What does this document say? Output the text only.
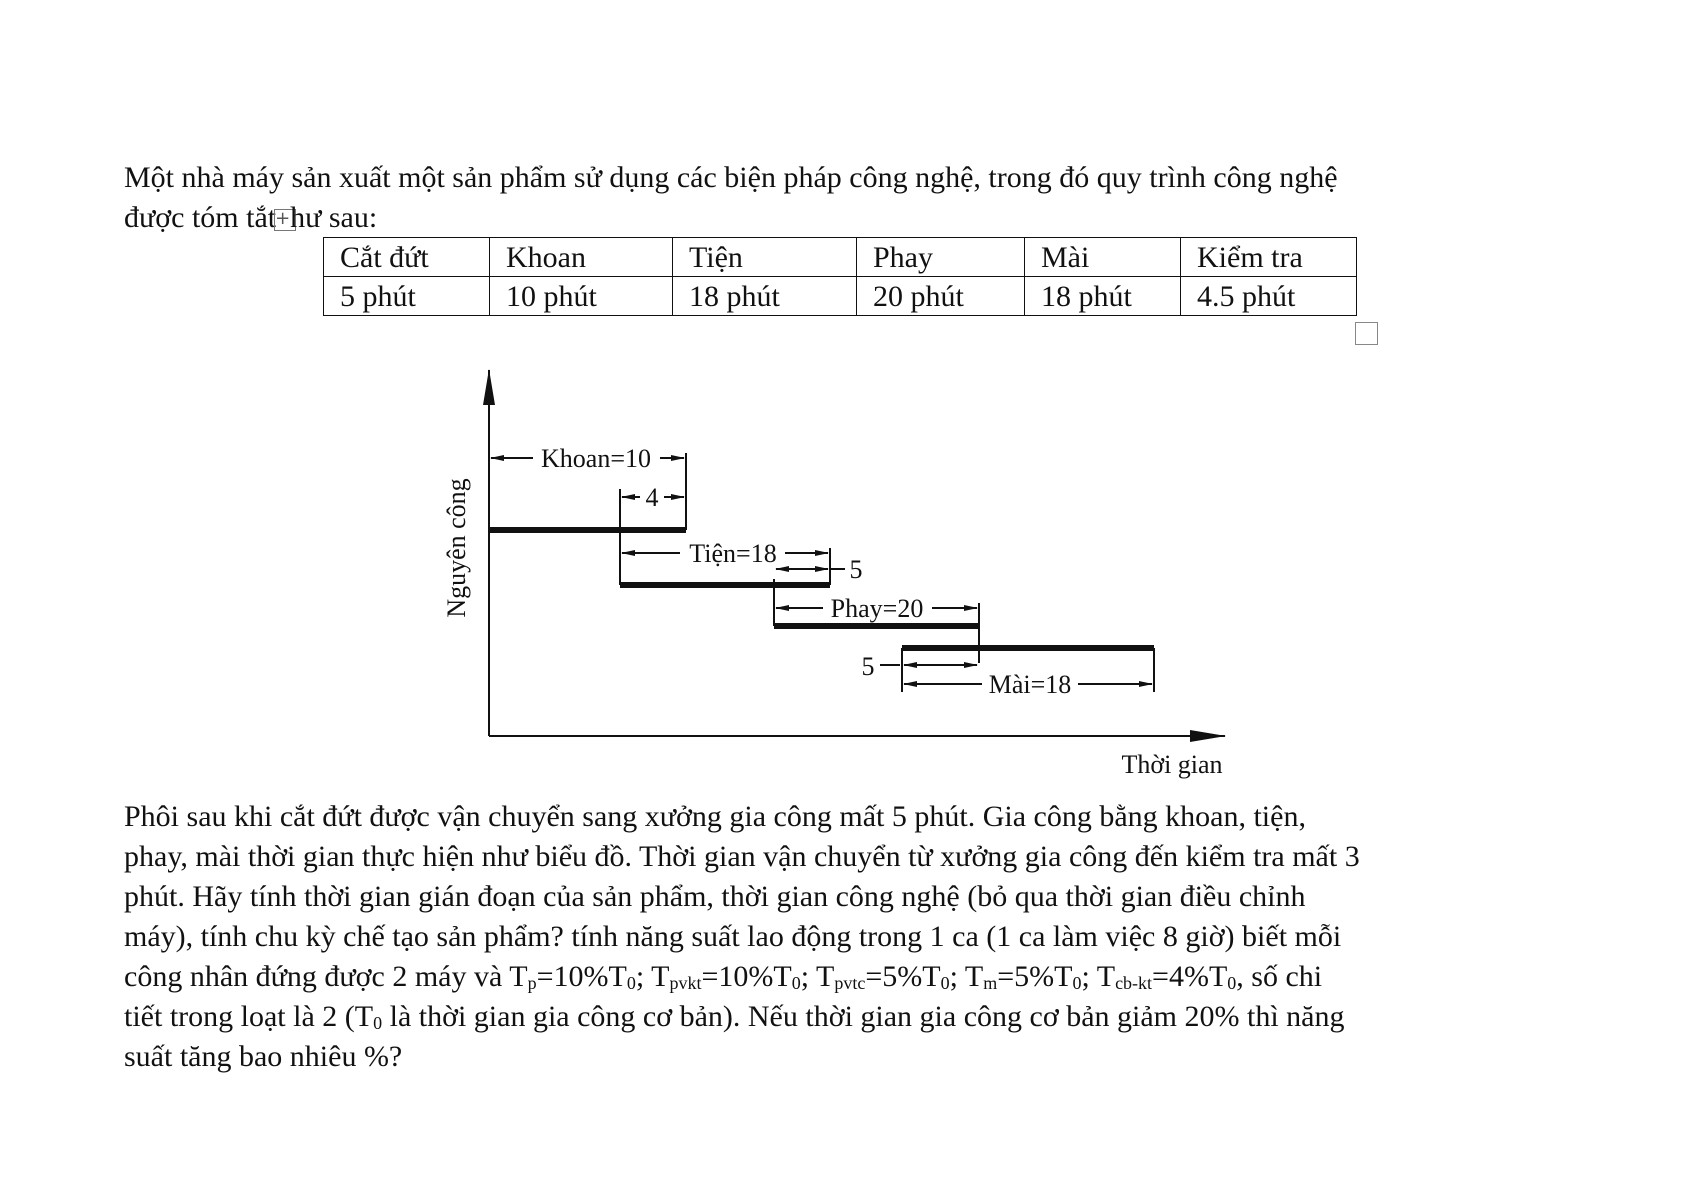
Một nhà máy sản xuất một sản phẩm sử dụng các biện pháp công nghệ, trong đó quy trình công nghệ
được tóm tắt+hư sau:

Cắt đứt	Khoan	Tiện	Phay	Mài	Kiểm tra
5 phút	10 phút	18 phút	20 phút	18 phút	4.5 phút
Thời gian
Nguyên công
Khoan=10
4
Tiện=18
5
Phay=20
5
Mài=18

Phôi sau khi cắt đứt được vận chuyển sang xưởng gia công mất 5 phút. Gia công bằng khoan, tiện,
phay, mài thời gian thực hiện như biểu đồ. Thời gian vận chuyển từ xưởng gia công đến kiểm tra mất 3
phút. Hãy tính thời gian gián đoạn của sản phẩm, thời gian công nghệ (bỏ qua thời gian điều chỉnh
máy), tính chu kỳ chế tạo sản phẩm? tính năng suất lao động trong 1 ca (1 ca làm việc 8 giờ) biết mỗi
công nhân đứng được 2 máy và $T_p=10\%T_0$; $T_{pvkt}=10\%T_0$; $T_{pvtc}=5\%T_0$; $T_m=5\%T_0$; $T_{cb-kt}=4\%T_0$, số chi
tiết trong loạt là 2 ($T_0$ là thời gian gia công cơ bản). Nếu thời gian gia công cơ bản giảm 20% thì năng
suất tăng bao nhiêu %?
